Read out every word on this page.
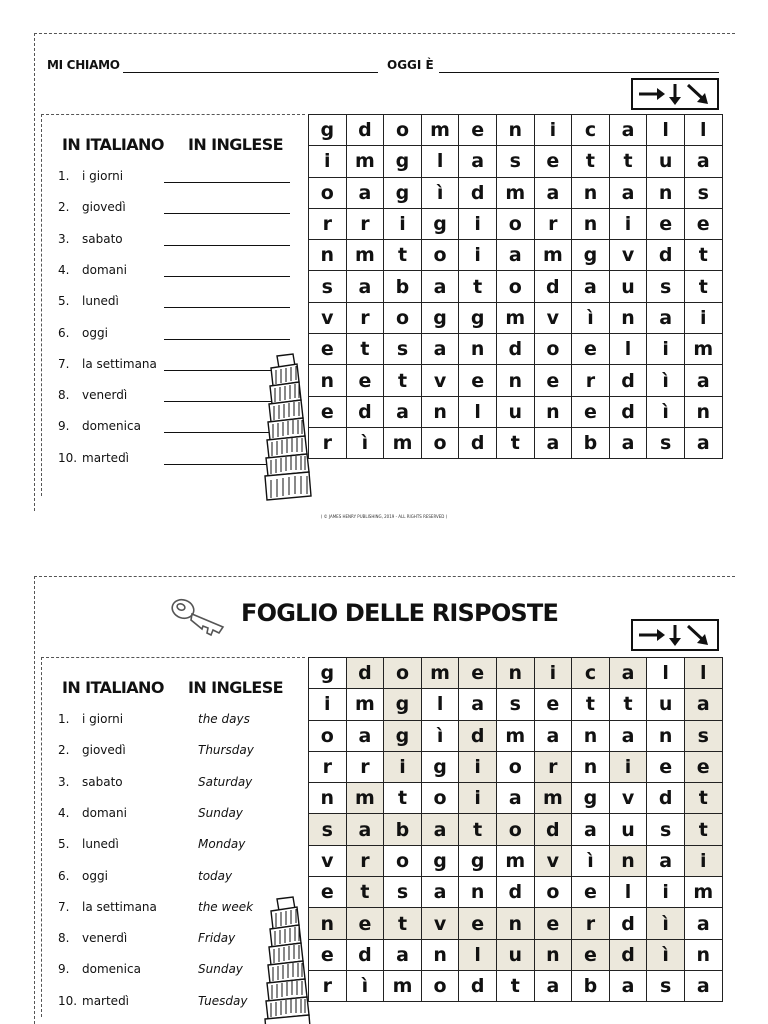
MI CHIAMO	OGGI È
IN ITALIANO IN INGLESE
1.	i giorni
2.	giovedì
3.	sabato
4.	domani
5.	lunedì
6.	oggi
7.	la settimana
8.	venerdì
9.	domenica
10. martedì
g	d	o	m	e	n	i	c	a	l	l
i	m	g	l	a	s	e	t	t	u	a
o	a	g	ì	d	m	a	n	a	n	s
r	r	i	g	i	o	r	n	i	e	e
n	m	t	o	i	a	m	g	v	d	t
s	a	b	a	t	o	d	a	u	s	t
v	r	o	g	g	m	v	ì	n	a	i
e	t	s	a	n	d	o	e	l	i	m
n	e	t	v	e	n	e	r	d	ì	a
e	d	a	n	l	u	n	e	d	ì	n
r	ì	m	o	d	t	a	b	a	s	a
( © JAMES HENRY PUBLISHING, 2019 - ALL RIGHTS RESERVED )
FOGLIO DELLE RISPOSTE
IN ITALIANO IN INGLESE
1.	i giorni	the days
2.	giovedì	Thursday
3.	sabato	Saturday
4.	domani	Sunday
5.	lunedì	Monday
6.	oggi	today
7.	la settimana	the week
8.	venerdì	Friday
9.	domenica	Sunday
10. martedì	Tuesday
g	d	o	m	e	n	i	c	a	l	l
i	m	g	l	a	s	e	t	t	u	a
o	a	g	ì	d	m	a	n	a	n	s
r	r	i	g	i	o	r	n	i	e	e
n	m	t	o	i	a	m	g	v	d	t
s	a	b	a	t	o	d	a	u	s	t
v	r	o	g	g	m	v	ì	n	a	i
e	t	s	a	n	d	o	e	l	i	m
n	e	t	v	e	n	e	r	d	ì	a
e	d	a	n	l	u	n	e	d	ì	n
r	ì	m	o	d	t	a	b	a	s	a
